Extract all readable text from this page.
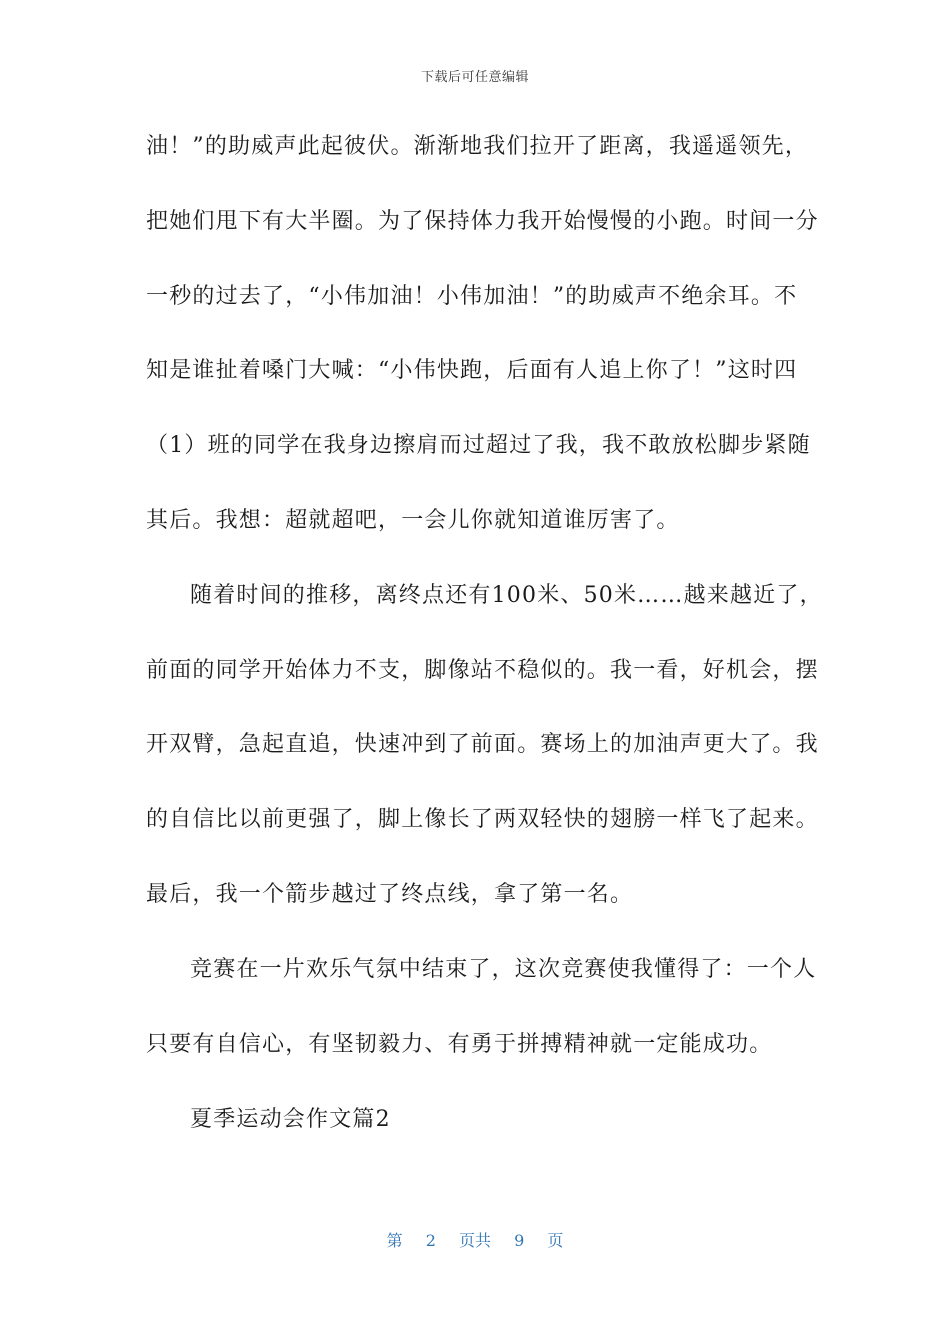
下载后可任意编辑
油！”的助威声此起彼伏。渐渐地我们拉开了距离，我遥遥领先，
把她们甩下有大半圈。为了保持体力我开始慢慢的小跑。时间一分
一秒的过去了，“小伟加油！小伟加油！”的助威声不绝余耳。不
知是谁扯着嗓门大喊：“小伟快跑，后面有人追上你了！”这时四
（1）班的同学在我身边擦肩而过超过了我，我不敢放松脚步紧随
其后。我想：超就超吧，一会儿你就知道谁厉害了。
随着时间的推移，离终点还有100米、50米……越来越近了，
前面的同学开始体力不支，脚像站不稳似的。我一看，好机会，摆
开双臂，急起直追，快速冲到了前面。赛场上的加油声更大了。我
的自信比以前更强了，脚上像长了两双轻快的翅膀一样飞了起来。
最后，我一个箭步越过了终点线，拿了第一名。
竞赛在一片欢乐气氛中结束了，这次竞赛使我懂得了：一个人
只要有自信心，有坚韧毅力、有勇于拼搏精神就一定能成功。
夏季运动会作文篇2
第 2 页共 9 页
